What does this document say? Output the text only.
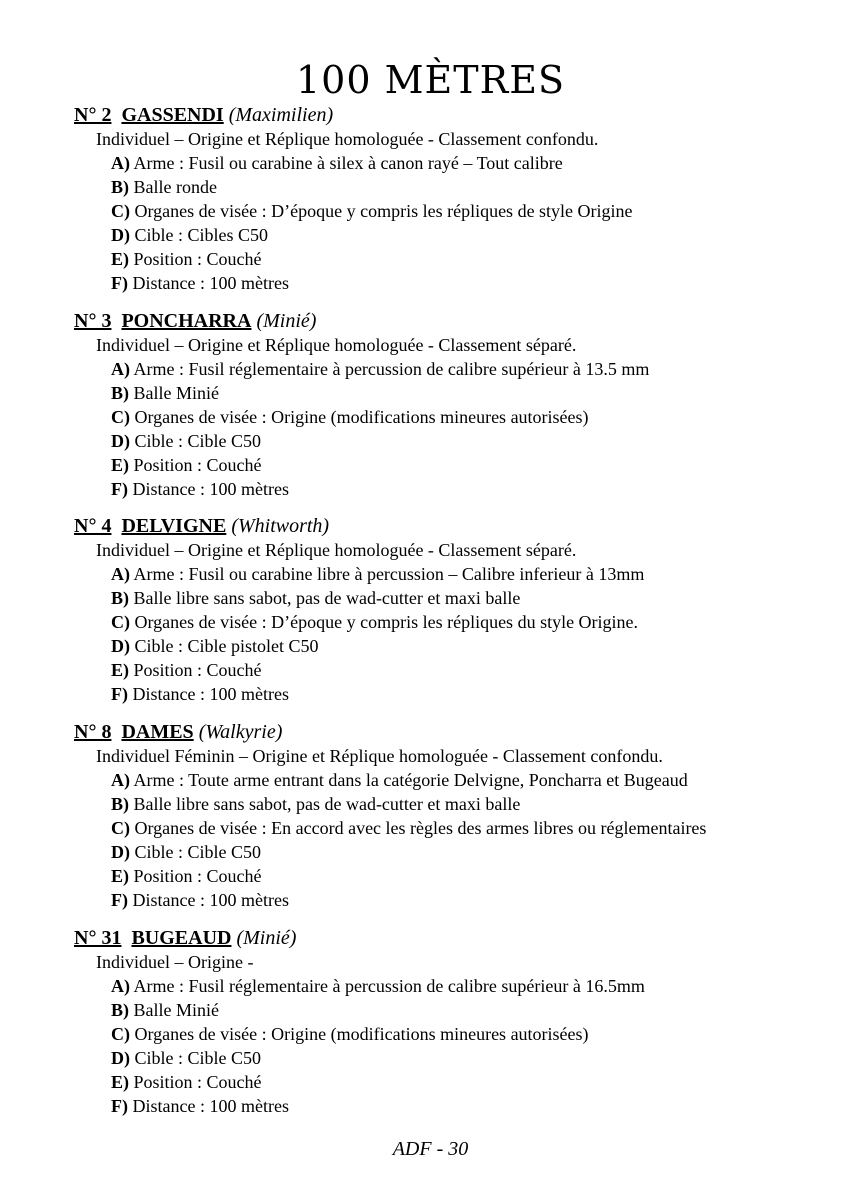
100 MÈTRES
N° 2 GASSENDI (Maximilien)
Individuel – Origine et Réplique homologuée - Classement confondu.
A) Arme : Fusil ou carabine à silex à canon rayé – Tout calibre
B) Balle ronde
C) Organes de visée : D’époque y compris les répliques de style Origine
D) Cible : Cibles C50
E) Position : Couché
F) Distance : 100 mètres
N° 3 PONCHARRA (Minié)
Individuel – Origine et Réplique homologuée - Classement séparé.
A) Arme : Fusil réglementaire à percussion de calibre supérieur à 13.5 mm
B) Balle Minié
C) Organes de visée : Origine (modifications mineures autorisées)
D) Cible : Cible C50
E) Position : Couché
F) Distance : 100 mètres
N° 4 DELVIGNE (Whitworth)
Individuel – Origine et Réplique homologuée - Classement séparé.
A) Arme : Fusil ou carabine libre à percussion – Calibre inferieur à 13mm
B) Balle libre sans sabot, pas de wad-cutter et maxi balle
C) Organes de visée : D’époque y compris les répliques du style Origine.
D) Cible : Cible pistolet C50
E) Position : Couché
F) Distance : 100 mètres
N° 8 DAMES (Walkyrie)
Individuel Féminin – Origine et Réplique homologuée - Classement confondu.
A) Arme : Toute arme entrant dans la catégorie Delvigne, Poncharra et Bugeaud
B) Balle libre sans sabot, pas de wad-cutter et maxi balle
C) Organes de visée : En accord avec les règles des armes libres ou réglementaires
D) Cible : Cible C50
E) Position : Couché
F) Distance : 100 mètres
N° 31 BUGEAUD (Minié)
Individuel – Origine -
A) Arme : Fusil réglementaire à percussion de calibre supérieur à 16.5mm
B) Balle Minié
C) Organes de visée : Origine (modifications mineures autorisées)
D) Cible : Cible C50
E) Position : Couché
F) Distance : 100 mètres
ADF - 30
